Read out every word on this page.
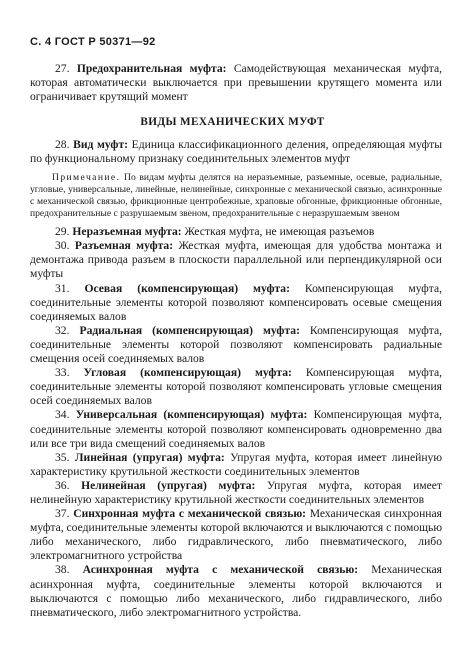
С. 4 ГОСТ Р 50371—92

27. Предохранительная муфта: Самодействующая механическая муфта, которая автоматически выключается при превышении крутящего момента или ограничивает крутящий момент

ВИДЫ МЕХАНИЧЕСКИХ МУФТ

28. Вид муфт: Единица классификационного деления, определяющая муфты по функциональному признаку соединительных элементов муфт

Примечание. По видам муфты делятся на неразъемные, разъемные, осевые, радиальные, угловые, универсальные, линейные, нелинейные, синхронные с механической связью, асинхронные с механической связью, фрикционные центробежные, храповые обгонные, фрикционные обгонные, предохранительные с разрушаемым звеном, предохранительные с неразрушаемым звеном

29. Неразъемная муфта: Жесткая муфта, не имеющая разъемов

30. Разъемная муфта: Жесткая муфта, имеющая для удобства монтажа и демонтажа привода разъем в плоскости параллельной или перпендикулярной оси муфты

31. Осевая (компенсирующая) муфта: Компенсирующая муфта, соединительные элементы которой позволяют компенсировать осевые смещения соединяемых валов

32. Радиальная (компенсирующая) муфта: Компенсирующая муфта, соединительные элементы которой позволяют компенсировать радиальные смещения осей соединяемых валов

33. Угловая (компенсирующая) муфта: Компенсирующая муфта, соединительные элементы которой позволяют компенсировать угловые смещения осей соединяемых валов

34. Универсальная (компенсирующая) муфта: Компенсирующая муфта, соединительные элементы которой позволяют компенсировать одновременно два или все три вида смещений соединяемых валов

35. Линейная (упругая) муфта: Упругая муфта, которая имеет линейную характеристику крутильной жесткости соединительных элементов

36. Нелинейная (упругая) муфта: Упругая муфта, которая имеет нелинейную характеристику крутильной жесткости соединительных элементов

37. Синхронная муфта с механической связью: Механическая синхронная муфта, соединительные элементы которой включаются и выключаются с помощью либо механического, либо гидравлического, либо пневматического, либо электромагнитного устройства

38. Асинхронная муфта с механической связью: Механическая асинхронная муфта, соединительные элементы которой включаются и выключаются с помощью либо механического, либо гидравлического, либо пневматического, либо электромагнитного устройства.
